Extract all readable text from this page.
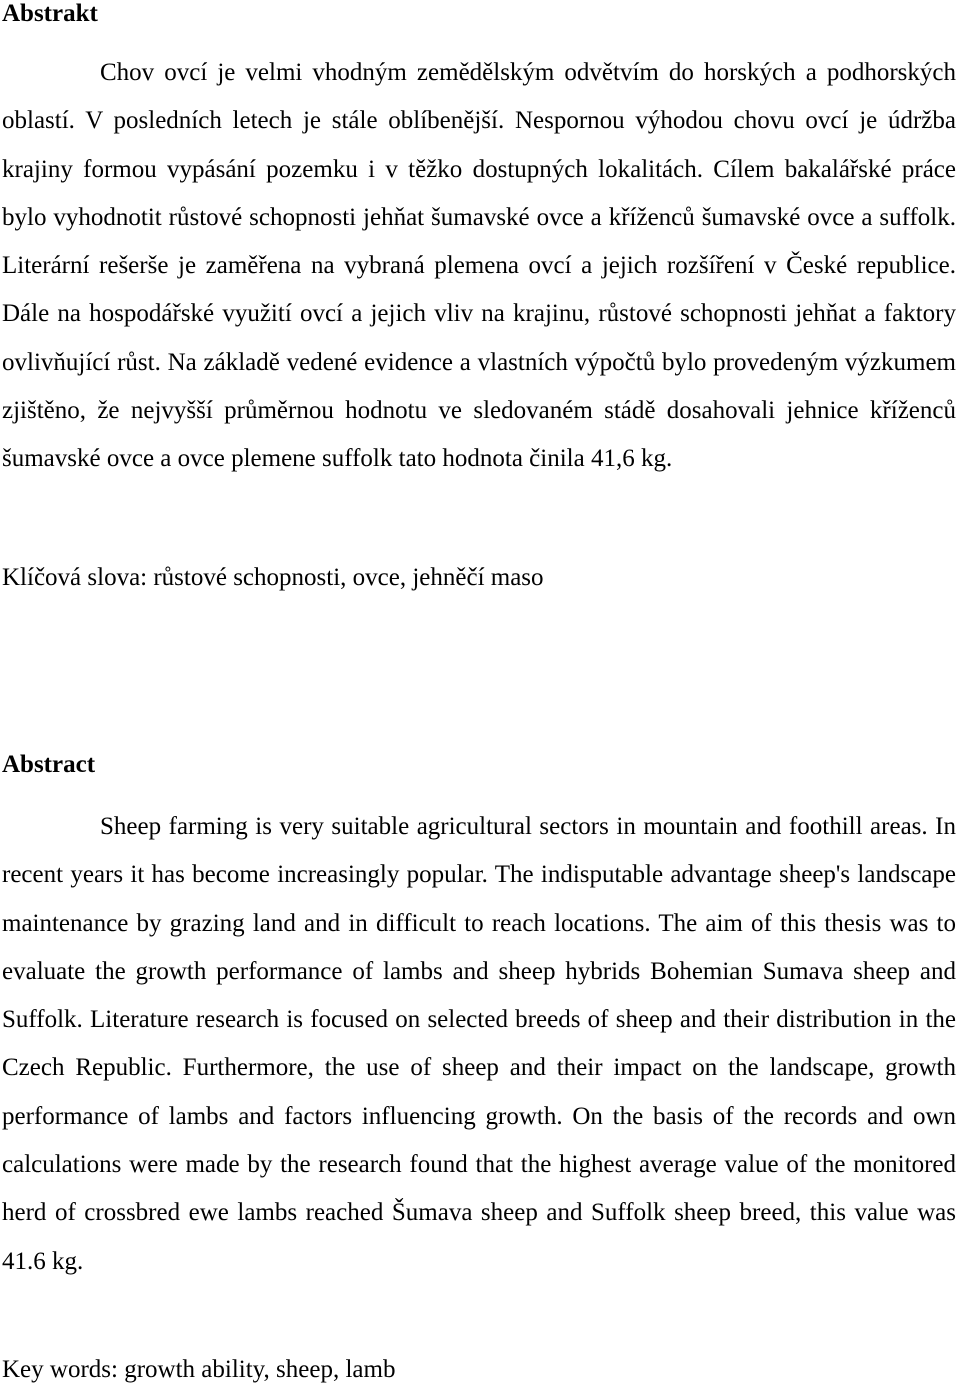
Abstrakt

Chov ovcí je velmi vhodným zemědělským odvětvím do horských a podhorských oblastí. V posledních letech je stále oblíbenější. Nespornou výhodou chovu ovcí je údržba krajiny formou vypásání pozemku i v těžko dostupných lokalitách. Cílem bakalářské práce bylo vyhodnotit růstové schopnosti jehňat šumavské ovce a kříženců šumavské ovce a suffolk. Literární rešerše je zaměřena na vybraná plemena ovcí a jejich rozšíření v České republice. Dále na hospodářské využití ovcí a jejich vliv na krajinu, růstové schopnosti jehňat a faktory ovlivňující růst. Na základě vedené evidence a vlastních výpočtů bylo provedeným výzkumem zjištěno, že nejvyšší průměrnou hodnotu ve sledovaném stádě dosahovali jehnice kříženců šumavské ovce a ovce plemene suffolk tato hodnota činila 41,6 kg.

Klíčová slova: růstové schopnosti, ovce, jehněčí maso

Abstract

Sheep farming is very suitable agricultural sectors in mountain and foothill areas. In recent years it has become increasingly popular. The indisputable advantage sheep's landscape maintenance by grazing land and in difficult to reach locations. The aim of this thesis was to evaluate the growth performance of lambs and sheep hybrids Bohemian Sumava sheep and Suffolk. Literature research is focused on selected breeds of sheep and their distribution in the Czech Republic. Furthermore, the use of sheep and their impact on the landscape, growth performance of lambs and factors influencing growth. On the basis of the records and own calculations were made by the research found that the highest average value of the monitored herd of crossbred ewe lambs reached Šumava sheep and Suffolk sheep breed, this value was 41.6 kg.

Key words: growth ability, sheep, lamb
